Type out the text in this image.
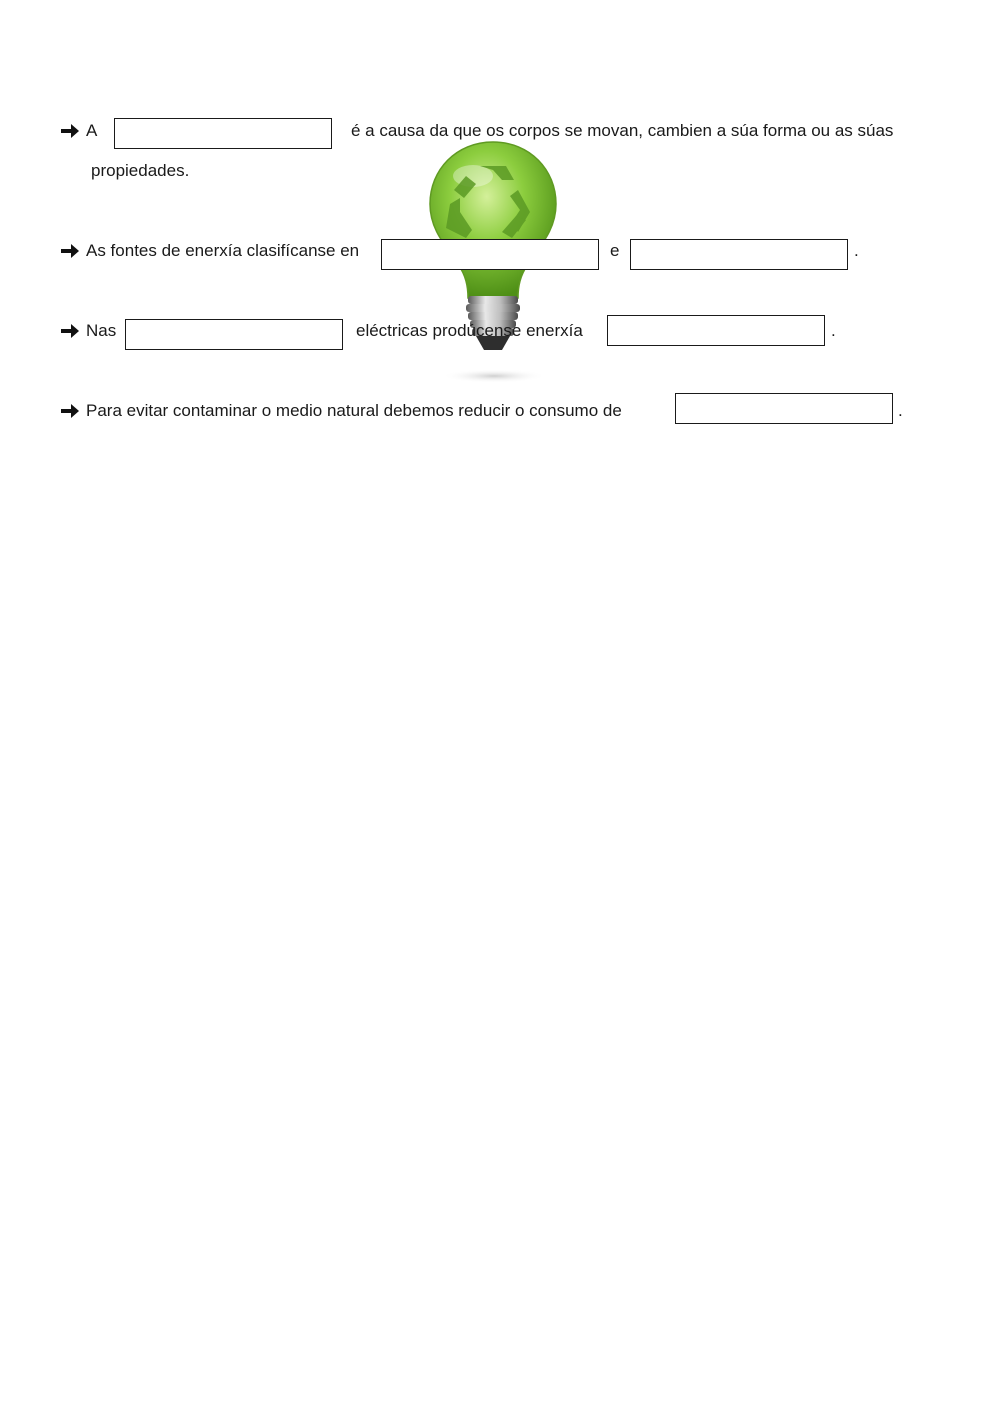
A	é a causa da que os corpos se movan, cambien a súa forma ou as súas
propiedades.
As fontes de enerxía clasifícanse en	e	.
Nas	eléctricas prodúcense enerxía	.
Para evitar contaminar o medio natural debemos reducir o consumo de	.
